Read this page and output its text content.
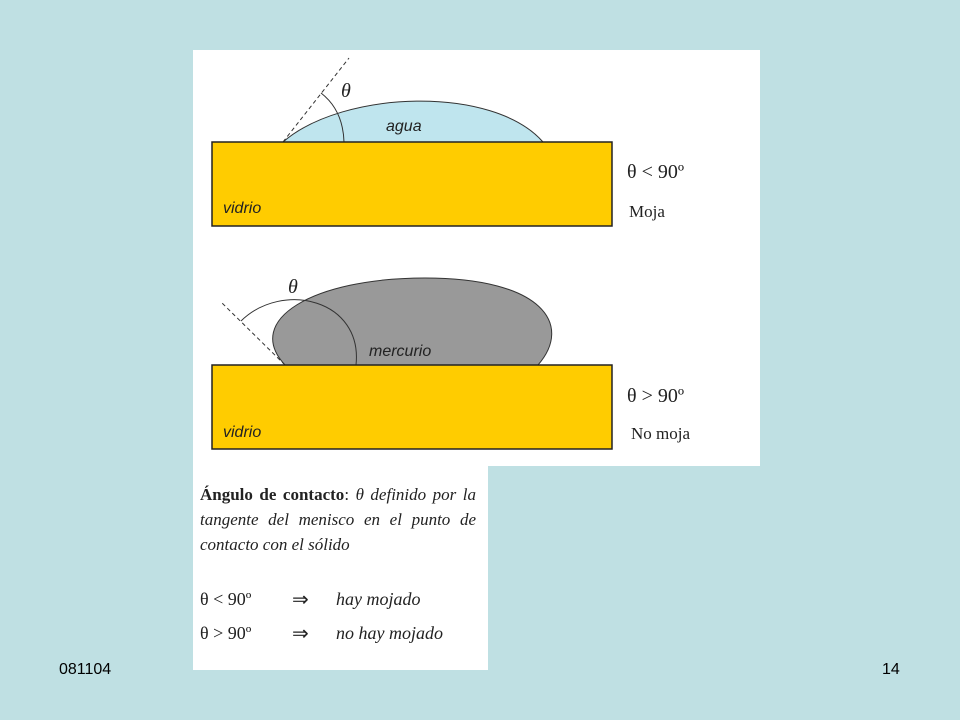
θ
agua
vidrio
θ < 90º
Moja
θ
mercurio
vidrio
θ > 90º
No moja
Ángulo de contacto: θ definido por la tangente del menisco en el punto de contacto con el sólido
θ < 90º ⇒ hay mojado
θ > 90º ⇒ no hay mojado
081104	14
